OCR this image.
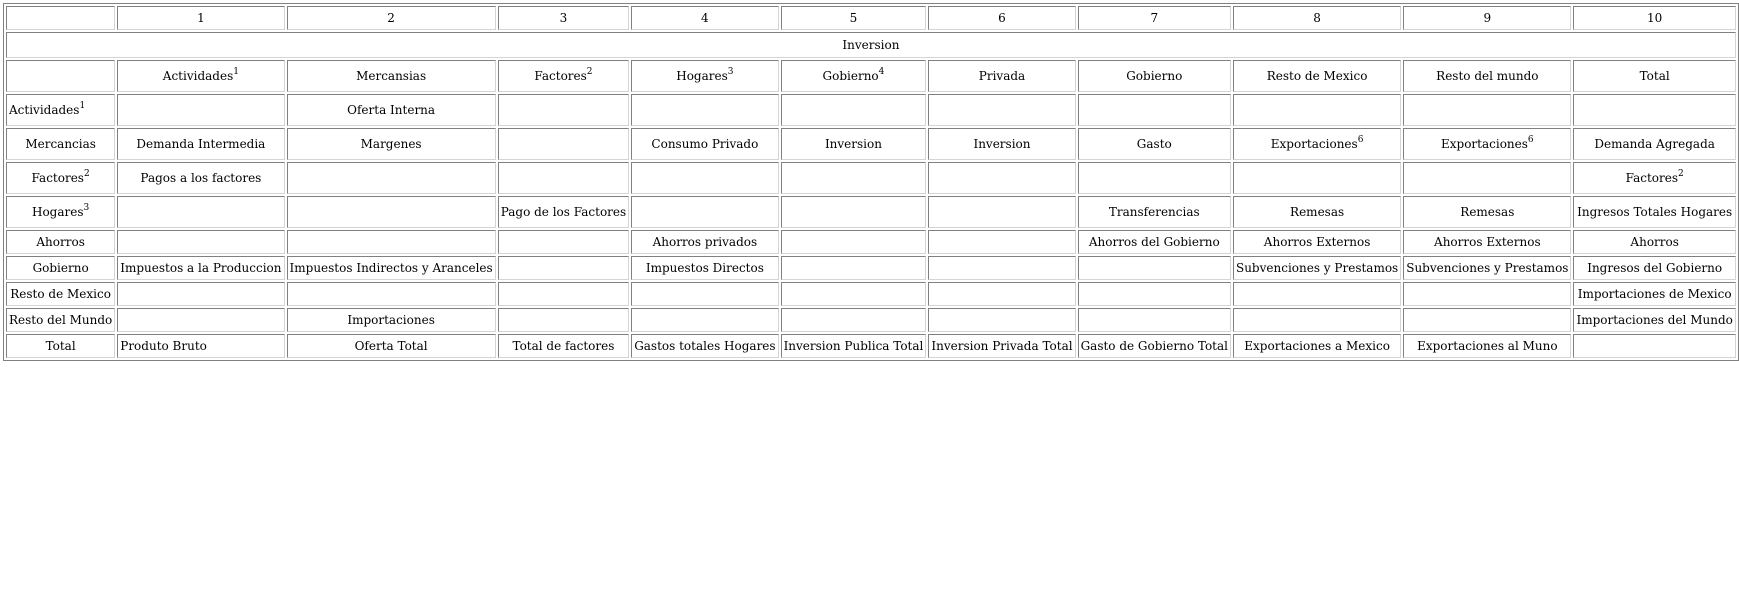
	1	2	3	4	5	6	7	8	9	10
Inversion										
	Actividades$^1$	Mercansias	Factores$^2$	Hogares$^3$	Gobierno$^4$	Privada	Gobierno	Resto de Mexico	Resto del mundo	Total
Actividades$^1$		Oferta Interna								
Mercancias	Demanda Intermedia	Margenes		Consumo Privado	Inversion	Inversion	Gasto	Exportaciones$^6$	Exportaciones$^6$	Demanda Agregada
Factores$^2$	Pagos a los factores									Factores$^2$
Hogares$^3$			Pago de los Factores				Transferencias	Remesas	Remesas	Ingresos Totales Hogares
Ahorros				Ahorros privados			Ahorros del Gobierno	Ahorros Externos	Ahorros Externos	Ahorros
Gobierno	Impuestos a la Produccion	Impuestos Indirectos y Aranceles		Impuestos Directos				Subvenciones y Prestamos	Subvenciones y Prestamos	Ingresos del Gobierno
Resto de Mexico										Importaciones de Mexico
Resto del Mundo		Importaciones								Importaciones del Mundo
Total	Produto Bruto	Oferta Total	Total de factores	Gastos totales Hogares	Inversion Publica Total	Inversion Privada Total	Gasto de Gobierno Total	Exportaciones a Mexico	Exportaciones al Muno	
